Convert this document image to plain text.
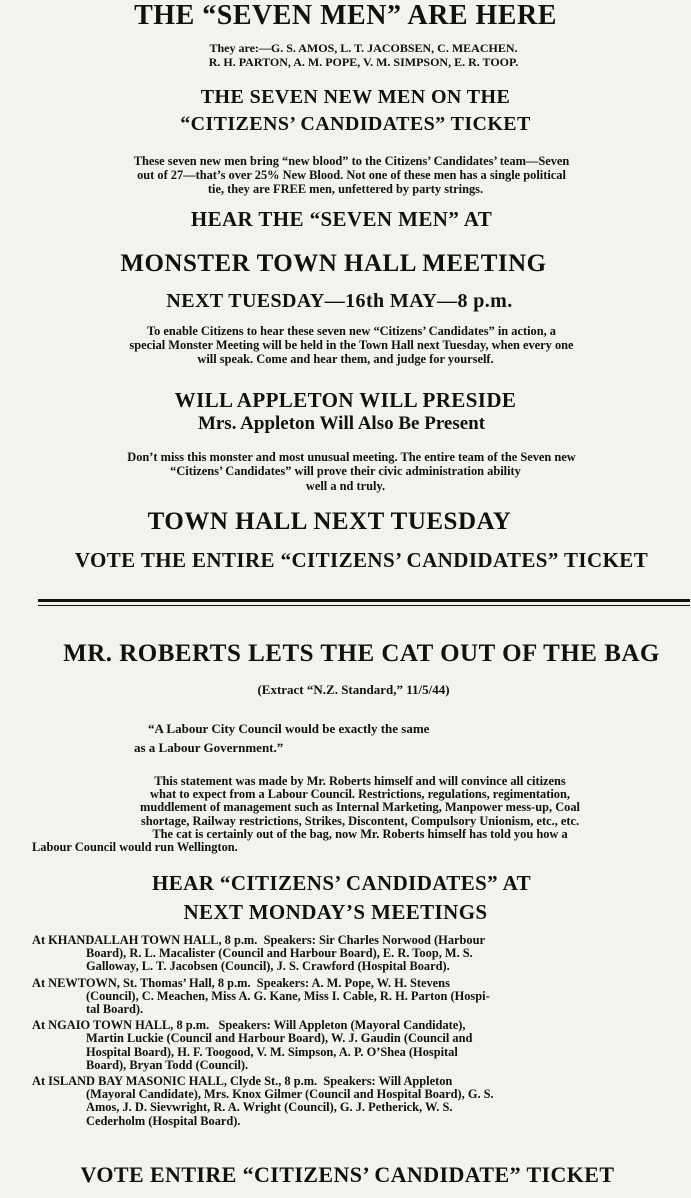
THE “SEVEN MEN” ARE HERE
They are:—G. S. AMOS, L. T. JACOBSEN, C. MEACHEN.
R. H. PARTON, A. M. POPE, V. M. SIMPSON, E. R. TOOP.
THE SEVEN NEW MEN ON THE
“CITIZENS’ CANDIDATES” TICKET
These seven new men bring “new blood” to the Citizens’ Candidates’ team—Seven
out of 27—that’s over 25% New Blood. Not one of these men has a single political
tie, they are FREE men, unfettered by party strings.
HEAR THE “SEVEN MEN” AT
MONSTER TOWN HALL MEETING
NEXT TUESDAY—16th MAY—8 p.m.
To enable Citizens to hear these seven new “Citizens’ Candidates” in action, a
special Monster Meeting will be held in the Town Hall next Tuesday, when every one
will speak. Come and hear them, and judge for yourself.
WILL APPLETON WILL PRESIDE
Mrs. Appleton Will Also Be Present
Don’t miss this monster and most unusual meeting. The entire team of the Seven new
“Citizens’ Candidates” will prove their civic administration ability
well a nd truly.
TOWN HALL NEXT TUESDAY
VOTE THE ENTIRE “CITIZENS’ CANDIDATES” TICKET
MR. ROBERTS LETS THE CAT OUT OF THE BAG
(Extract “N.Z. Standard,” 11/5/44)
“A Labour City Council would be exactly the same
as a Labour Government.”
This statement was made by Mr. Roberts himself and will convince all citizens
what to expect from a Labour Council. Restrictions, regulations, regimentation,
muddlement of management such as Internal Marketing, Manpower mess-up, Coal
shortage, Railway restrictions, Strikes, Discontent, Compulsory Unionism, etc., etc.
The cat is certainly out of the bag, now Mr. Roberts himself has told you how a
Labour Council would run Wellington.
HEAR “CITIZENS’ CANDIDATES” AT
NEXT MONDAY’S MEETINGS

At KHANDALLAH TOWN HALL, 8 p.m. Speakers: Sir Charles Norwood (Harbour

Board), R. L. Macalister (Council and Harbour Board), E. R. Toop, M. S.

Galloway, L. T. Jacobsen (Council), J. S. Crawford (Hospital Board).

At NEWTOWN, St. Thomas’ Hall, 8 p.m. Speakers: A. M. Pope, W. H. Stevens

(Council), C. Meachen, Miss A. G. Kane, Miss I. Cable, R. H. Parton (Hospi-

tal Board).

At NGAIO TOWN HALL, 8 p.m. Speakers: Will Appleton (Mayoral Candidate),

Martin Luckie (Council and Harbour Board), W. J. Gaudin (Council and

Hospital Board), H. F. Toogood, V. M. Simpson, A. P. O’Shea (Hospital

Board), Bryan Todd (Council).

At ISLAND BAY MASONIC HALL, Clyde St., 8 p.m. Speakers: Will Appleton

(Mayoral Candidate), Mrs. Knox Gilmer (Council and Hospital Board), G. S.

Amos, J. D. Sievwright, R. A. Wright (Council), G. J. Petherick, W. S.

Cederholm (Hospital Board).

VOTE ENTIRE “CITIZENS’ CANDIDATE” TICKET
